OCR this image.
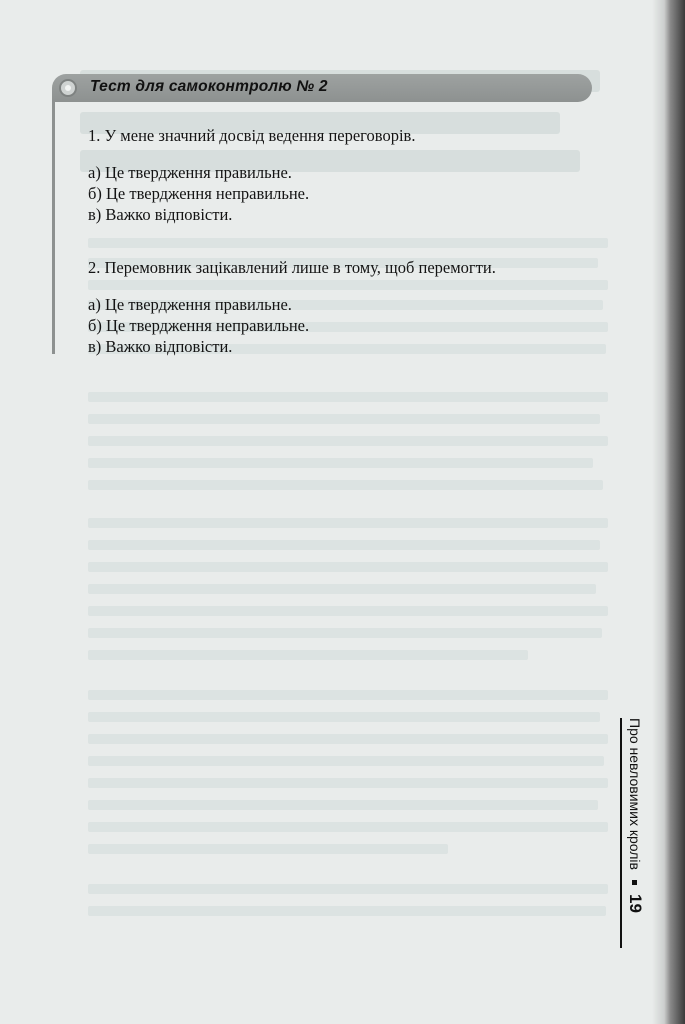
Тест для самоконтролю № 2

1. У мене значний досвід ведення переговорів.

а) Це твердження правильне.

б) Це твердження неправильне.

в) Важко відповісти.

2. Перемовник зацікавлений лише в тому, щоб перемогти.

а) Це твердження правильне.

б) Це твердження неправильне.

в) Важко відповісти.

Про невловимих кролів
19
